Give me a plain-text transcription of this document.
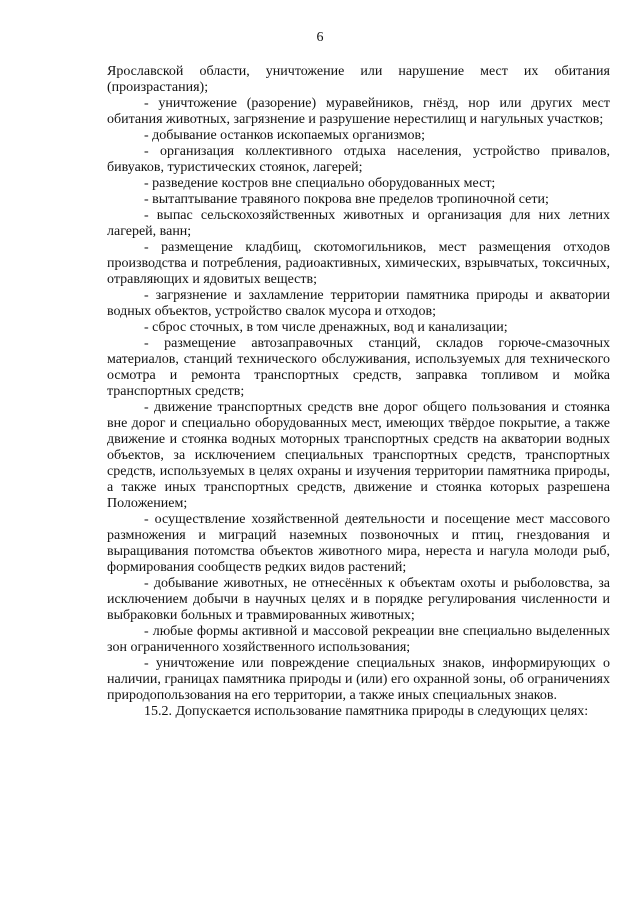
6

Ярославской области, уничтожение или нарушение мест их обитания (произрастания);

- уничтожение (разорение) муравейников, гнёзд, нор или других мест обитания животных, загрязнение и разрушение нерестилищ и нагульных участков;

- добывание останков ископаемых организмов;

- организация коллективного отдыха населения, устройство привалов, бивуаков, туристических стоянок, лагерей;

- разведение костров вне специально оборудованных мест;

- вытаптывание травяного покрова вне пределов тропиночной сети;

- выпас сельскохозяйственных животных и организация для них летних лагерей, ванн;

- размещение кладбищ, скотомогильников, мест размещения отходов производства и потребления, радиоактивных, химических, взрывчатых, токсичных, отравляющих и ядовитых веществ;

- загрязнение и захламление территории памятника природы и акватории водных объектов, устройство свалок мусора и отходов;

- сброс сточных, в том числе дренажных, вод и канализации;

- размещение автозаправочных станций, складов горюче-смазочных материалов, станций технического обслуживания, используемых для технического осмотра и ремонта транспортных средств, заправка топливом и мойка транспортных средств;

- движение транспортных средств вне дорог общего пользования и стоянка вне дорог и специально оборудованных мест, имеющих твёрдое покрытие, а также движение и стоянка водных моторных транспортных средств на акватории водных объектов, за исключением специальных транспортных средств, транспортных средств, используемых в целях охраны и изучения территории памятника природы, а также иных транспортных средств, движение и стоянка которых разрешена Положением;

- осуществление хозяйственной деятельности и посещение мест массового размножения и миграций наземных позвоночных и птиц, гнездования и выращивания потомства объектов животного мира, нереста и нагула молоди рыб, формирования сообществ редких видов растений;

- добывание животных, не отнесённых к объектам охоты и рыболовства, за исключением добычи в научных целях и в порядке регулирования численности и выбраковки больных и травмированных животных;

- любые формы активной и массовой рекреации вне специально выделенных зон ограниченного хозяйственного использования;

- уничтожение или повреждение специальных знаков, информирующих о наличии, границах памятника природы и (или) его охранной зоны, об ограничениях природопользования на его территории, а также иных специальных знаков.

15.2. Допускается использование памятника природы в следующих целях:
